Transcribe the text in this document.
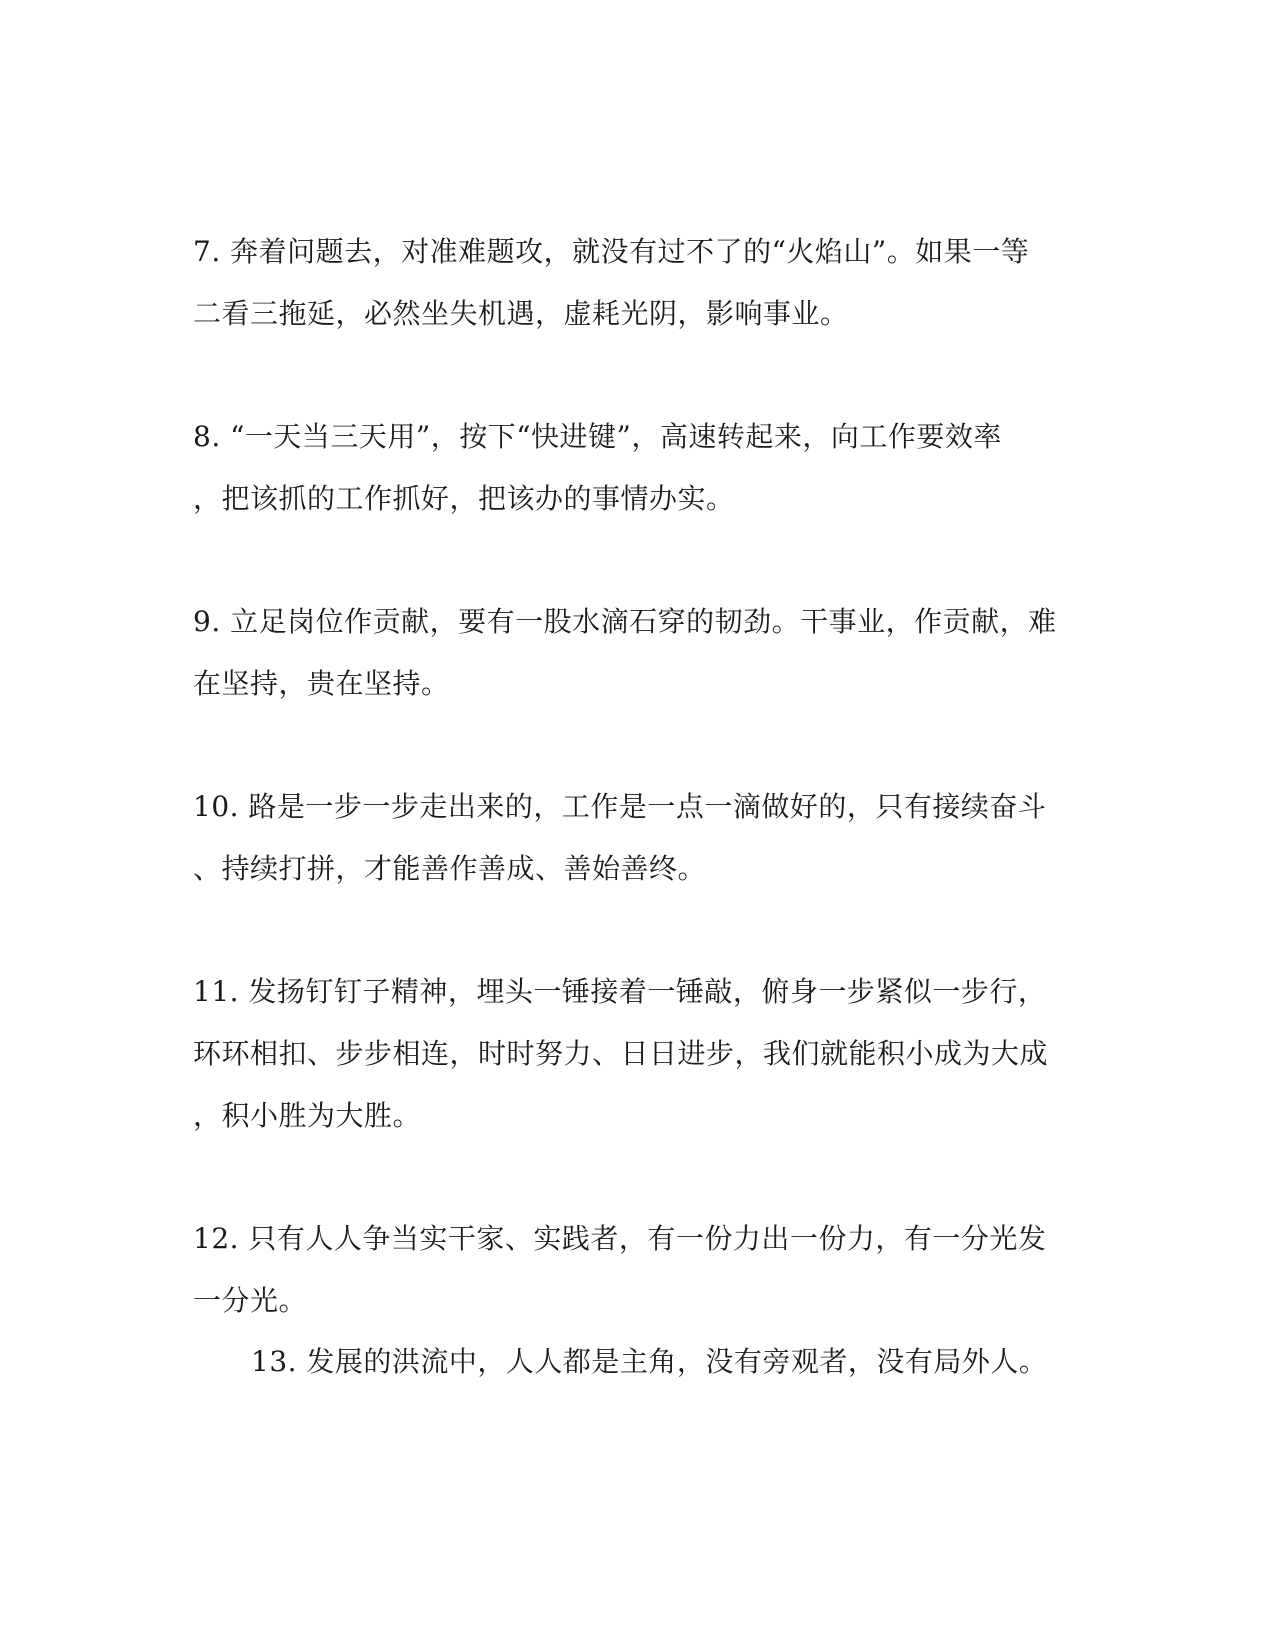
7. 奔着问题去，对准难题攻，就没有过不了的“火焰山”。如果一等
二看三拖延，必然坐失机遇，虚耗光阴，影响事业。
8. “一天当三天用”，按下“快进键”，高速转起来，向工作要效率
，把该抓的工作抓好，把该办的事情办实。
9. 立足岗位作贡献，要有一股水滴石穿的韧劲。干事业，作贡献，难
在坚持，贵在坚持。
10. 路是一步一步走出来的，工作是一点一滴做好的，只有接续奋斗
、持续打拼，才能善作善成、善始善终。
11. 发扬钉钉子精神，埋头一锤接着一锤敲，俯身一步紧似一步行，
环环相扣、步步相连，时时努力、日日进步，我们就能积小成为大成
，积小胜为大胜。
12. 只有人人争当实干家、实践者，有一份力出一份力，有一分光发
一分光。
13. 发展的洪流中，人人都是主角，没有旁观者，没有局外人。
